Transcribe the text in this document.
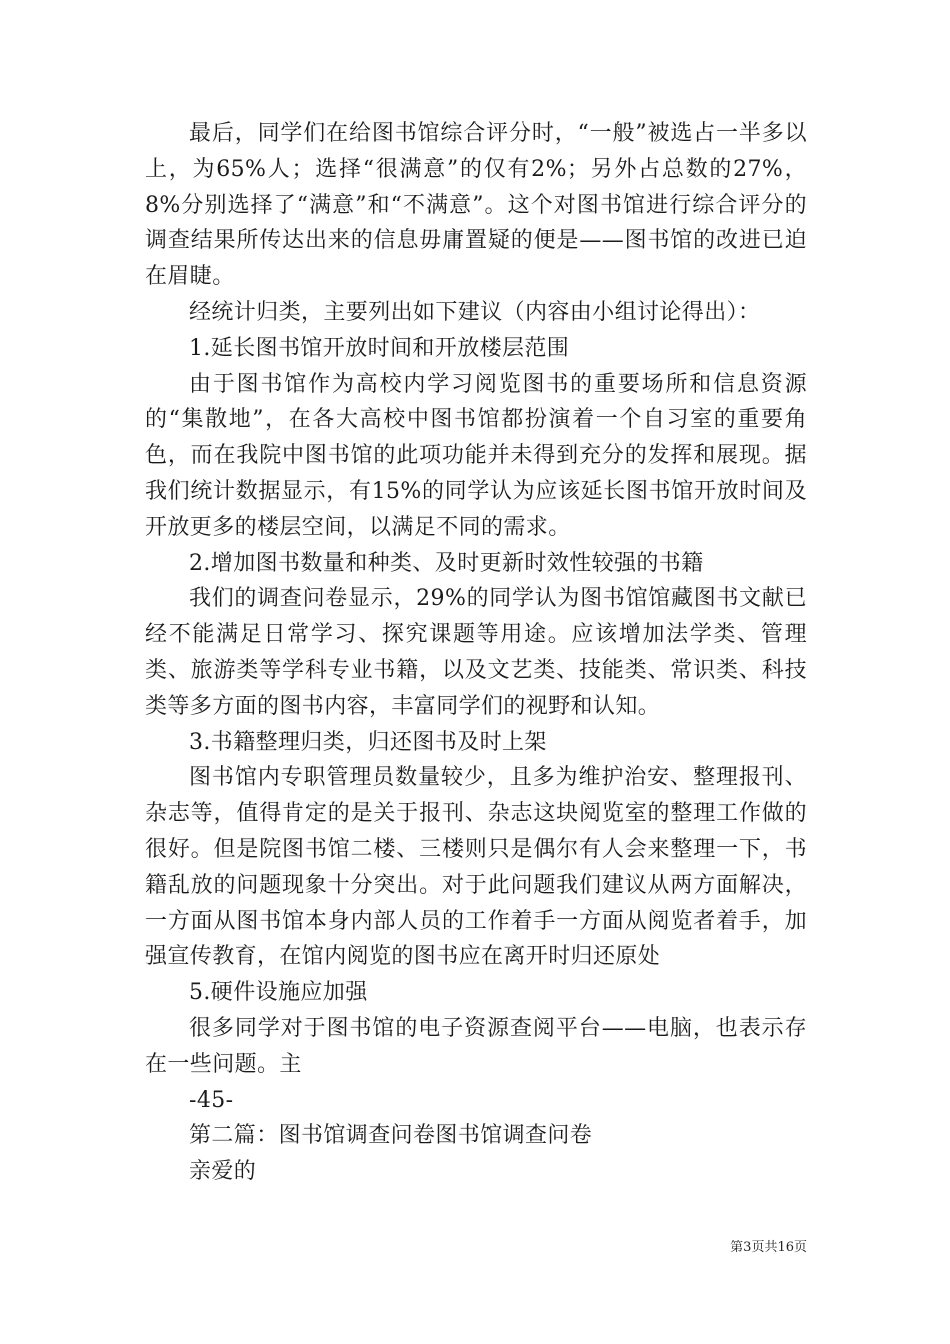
最后，同学们在给图书馆综合评分时，“一般”被选占一半多以上，为65%人；选择“很满意”的仅有2%；另外占总数的27%，8%分别选择了“满意”和“不满意”。这个对图书馆进行综合评分的调查结果所传达出来的信息毋庸置疑的便是——图书馆的改进已迫在眉睫。

经统计归类，主要列出如下建议（内容由小组讨论得出）：

1.延长图书馆开放时间和开放楼层范围

由于图书馆作为高校内学习阅览图书的重要场所和信息资源的“集散地”，在各大高校中图书馆都扮演着一个自习室的重要角色，而在我院中图书馆的此项功能并未得到充分的发挥和展现。据我们统计数据显示，有15%的同学认为应该延长图书馆开放时间及开放更多的楼层空间，以满足不同的需求。

2.增加图书数量和种类、及时更新时效性较强的书籍

我们的调查问卷显示，29%的同学认为图书馆馆藏图书文献已经不能满足日常学习、探究课题等用途。应该增加法学类、管理类、旅游类等学科专业书籍，以及文艺类、技能类、常识类、科技类等多方面的图书内容，丰富同学们的视野和认知。

3.书籍整理归类，归还图书及时上架

图书馆内专职管理员数量较少，且多为维护治安、整理报刊、杂志等，值得肯定的是关于报刊、杂志这块阅览室的整理工作做的很好。但是院图书馆二楼、三楼则只是偶尔有人会来整理一下，书籍乱放的问题现象十分突出。对于此问题我们建议从两方面解决，一方面从图书馆本身内部人员的工作着手一方面从阅览者着手，加强宣传教育，在馆内阅览的图书应在离开时归还原处

5.硬件设施应加强

很多同学对于图书馆的电子资源查阅平台——电脑，也表示存在一些问题。主

-45-

第二篇：图书馆调查问卷图书馆调查问卷

亲爱的

第3页共16页
